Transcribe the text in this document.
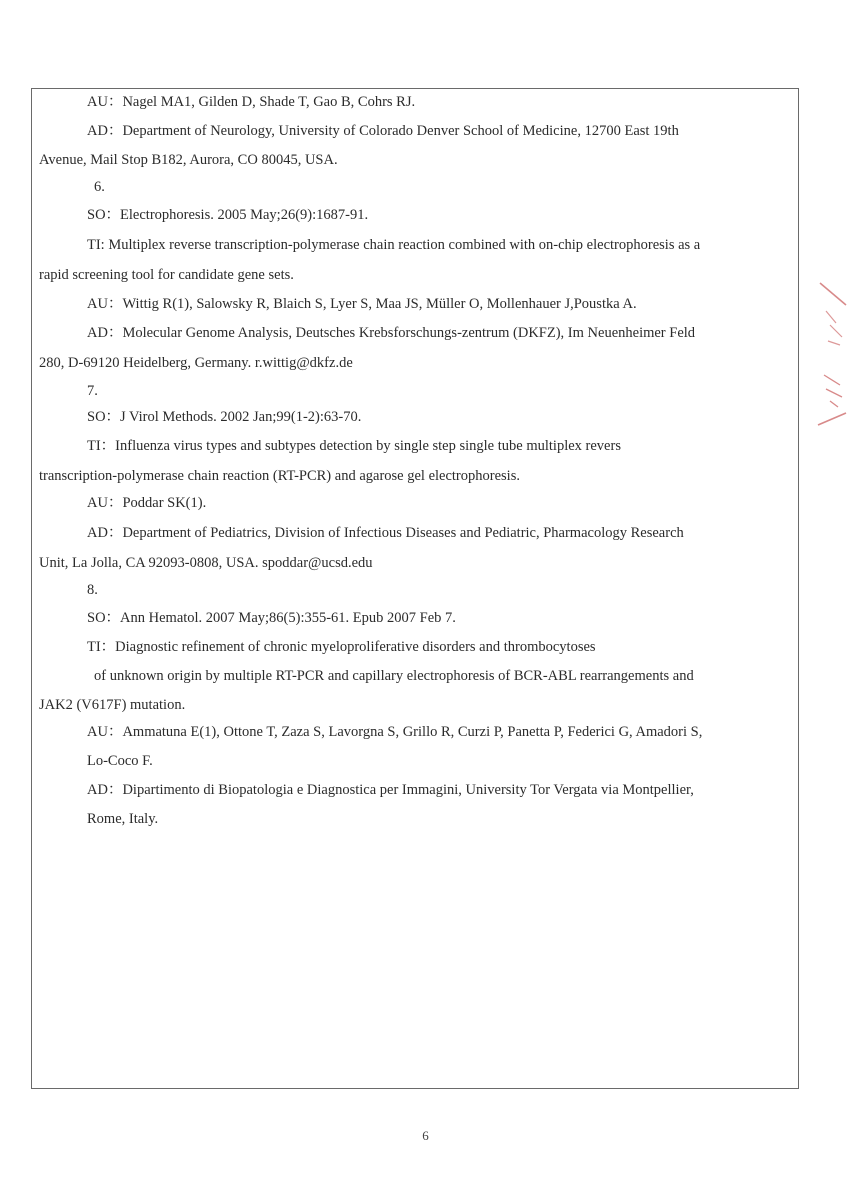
AU：Nagel MA1, Gilden D, Shade T, Gao B, Cohrs RJ.
AD：Department of Neurology, University of Colorado Denver School of Medicine, 12700 East 19th
Avenue, Mail Stop B182, Aurora, CO 80045, USA.
6.
SO：Electrophoresis. 2005 May;26(9):1687-91.
TI: Multiplex reverse transcription-polymerase chain reaction combined with on-chip electrophoresis as a
rapid screening tool for candidate gene sets.
AU：Wittig R(1), Salowsky R, Blaich S, Lyer S, Maa JS, Müller O, Mollenhauer J,Poustka A.
AD：Molecular Genome Analysis, Deutsches Krebsforschungs-zentrum (DKFZ), Im Neuenheimer Feld
280, D-69120 Heidelberg, Germany. r.wittig@dkfz.de
7.
SO：J Virol Methods. 2002 Jan;99(1-2):63-70.
TI：Influenza virus types and subtypes detection by single step single tube multiplex revers
transcription-polymerase chain reaction (RT-PCR) and agarose gel electrophoresis.
AU：Poddar SK(1).
AD：Department of Pediatrics, Division of Infectious Diseases and Pediatric, Pharmacology Research
Unit, La Jolla, CA 92093-0808, USA. spoddar@ucsd.edu
8.
SO：Ann Hematol. 2007 May;86(5):355-61. Epub 2007 Feb 7.
TI：Diagnostic refinement of chronic myeloproliferative disorders and thrombocytoses
of unknown origin by multiple RT-PCR and capillary electrophoresis of BCR-ABL rearrangements and
JAK2 (V617F) mutation.
AU：Ammatuna E(1), Ottone T, Zaza S, Lavorgna S, Grillo R, Curzi P, Panetta P, Federici G, Amadori S,
Lo-Coco F.
AD：Dipartimento di Biopatologia e Diagnostica per Immagini, University Tor Vergata via Montpellier,
Rome, Italy.
6
